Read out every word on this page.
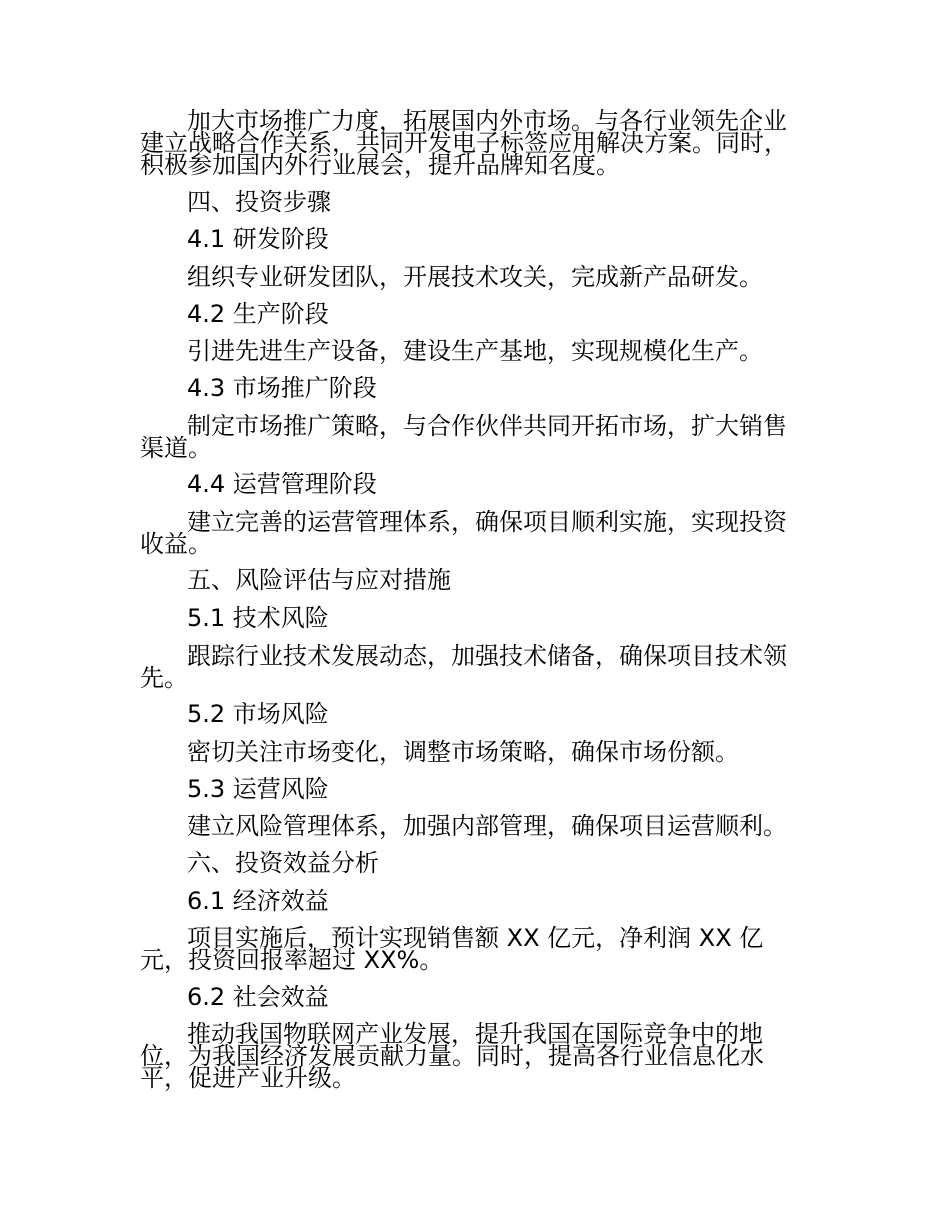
加大市场推广力度，拓展国内外市场。与各行业领先企业

建立战略合作关系，共同开发电子标签应用解决方案。同时，

积极参加国内外行业展会，提升品牌知名度。

四、投资步骤

4.1 研发阶段

组织专业研发团队，开展技术攻关，完成新产品研发。

4.2 生产阶段

引进先进生产设备，建设生产基地，实现规模化生产。

4.3 市场推广阶段

制定市场推广策略，与合作伙伴共同开拓市场，扩大销售

渠道。

4.4 运营管理阶段

建立完善的运营管理体系，确保项目顺利实施，实现投资

收益。

五、风险评估与应对措施

5.1 技术风险

跟踪行业技术发展动态，加强技术储备，确保项目技术领

先。

5.2 市场风险

密切关注市场变化，调整市场策略，确保市场份额。

5.3 运营风险

建立风险管理体系，加强内部管理，确保项目运营顺利。

六、投资效益分析

6.1 经济效益

项目实施后，预计实现销售额 XX 亿元，净利润 XX 亿

元，投资回报率超过 XX%。

6.2 社会效益

推动我国物联网产业发展，提升我国在国际竞争中的地

位，为我国经济发展贡献力量。同时，提高各行业信息化水

平，促进产业升级。
